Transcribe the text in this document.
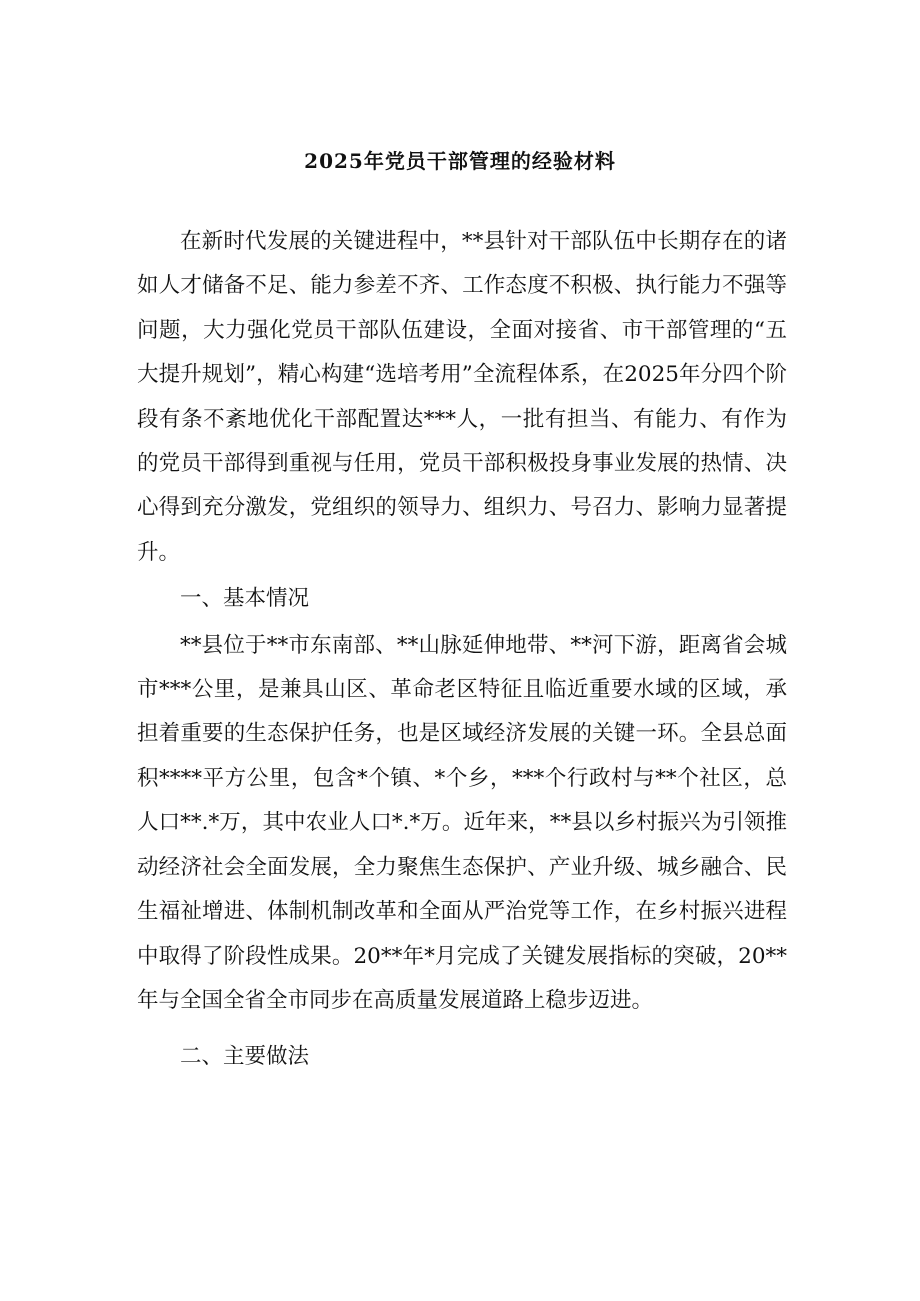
2025年党员干部管理的经验材料

在新时代发展的关键进程中，**县针对干部队伍中长期存在的诸如人才储备不足、能力参差不齐、工作态度不积极、执行能力不强等问题，大力强化党员干部队伍建设，全面对接省、市干部管理的“五大提升规划”，精心构建“选培考用”全流程体系，在2025年分四个阶段有条不紊地优化干部配置达***人，一批有担当、有能力、有作为的党员干部得到重视与任用，党员干部积极投身事业发展的热情、决心得到充分激发，党组织的领导力、组织力、号召力、影响力显著提升。

一、基本情况

**县位于**市东南部、**山脉延伸地带、**河下游，距离省会城市***公里，是兼具山区、革命老区特征且临近重要水域的区域，承担着重要的生态保护任务，也是区域经济发展的关键一环。全县总面积****平方公里，包含*个镇、*个乡，***个行政村与**个社区，总人口**.*万，其中农业人口*.*万。近年来，**县以乡村振兴为引领推动经济社会全面发展，全力聚焦生态保护、产业升级、城乡融合、民生福祉增进、体制机制改革和全面从严治党等工作，在乡村振兴进程中取得了阶段性成果。20**年*月完成了关键发展指标的突破，20**年与全国全省全市同步在高质量发展道路上稳步迈进。

二、主要做法
